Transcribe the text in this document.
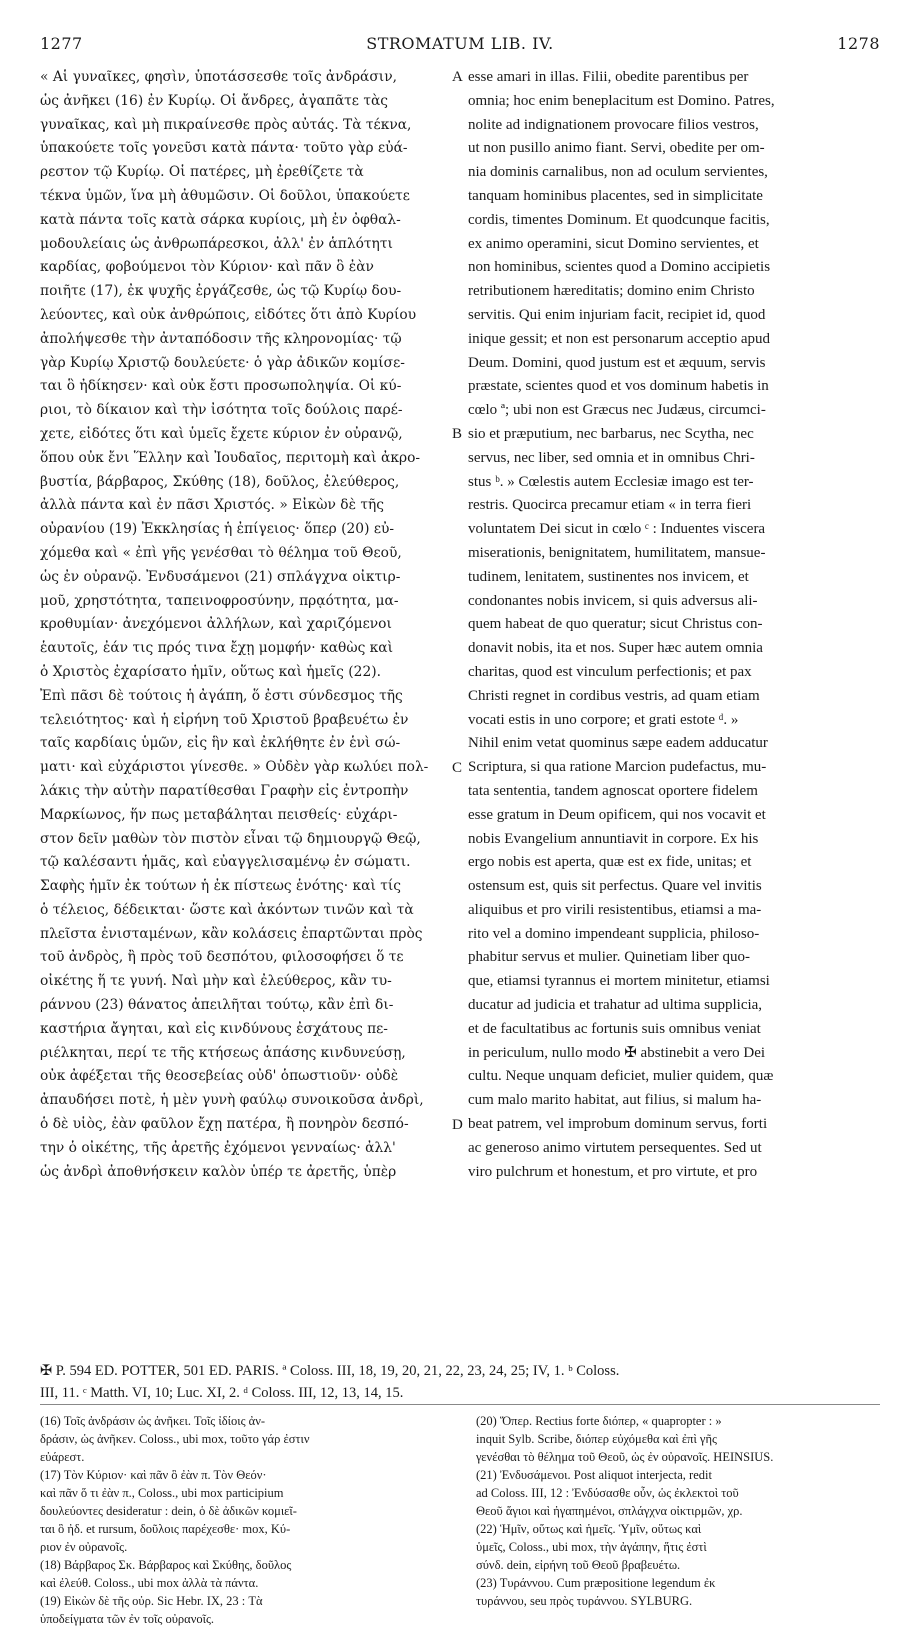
1277	STROMATUM LIB. IV.	1278
« Αἱ γυναῖκες, φησὶν, ὑποτάσσεσθε τοῖς ἀνδράσιν,
ὡς ἀνῆκει (16) ἐν Κυρίῳ. Οἱ ἄνδρες, ἀγαπᾶτε τὰς
γυναῖκας, καὶ μὴ πικραίνεσθε πρὸς αὐτάς. Τὰ τέκνα,
ὑπακούετε τοῖς γονεῦσι κατὰ πάντα· τοῦτο γὰρ εὐά-
ρεστον τῷ Κυρίῳ. Οἱ πατέρες, μὴ ἐρεθίζετε τὰ
τέκνα ὑμῶν, ἵνα μὴ ἀθυμῶσιν. Οἱ δοῦλοι, ὑπακούετε
κατὰ πάντα τοῖς κατὰ σάρκα κυρίοις, μὴ ἐν ὀφθαλ-
μοδουλείαις ὡς ἀνθρωπάρεσκοι, ἀλλ' ἐν ἁπλότητι
καρδίας, φοβούμενοι τὸν Κύριον· καὶ πᾶν ὃ ἐὰν
ποιῆτε (17), ἐκ ψυχῆς ἐργάζεσθε, ὡς τῷ Κυρίῳ δου-
λεύοντες, καὶ οὐκ ἀνθρώποις, εἰδότες ὅτι ἀπὸ Κυρίου
ἀπολήψεσθε τὴν ἀνταπόδοσιν τῆς κληρονομίας· τῷ
γὰρ Κυρίῳ Χριστῷ δουλεύετε· ὁ γὰρ ἀδικῶν κομίσε-
ται ὃ ἠδίκησεν· καὶ οὐκ ἔστι προσωποληψία. Οἱ κύ-
ριοι, τὸ δίκαιον καὶ τὴν ἰσότητα τοῖς δούλοις παρέ-
χετε, εἰδότες ὅτι καὶ ὑμεῖς ἔχετε κύριον ἐν οὐρανῷ,
ὅπου οὐκ ἔνι Ἕλλην καὶ Ἰουδαῖος, περιτομὴ καὶ ἀκρο-
βυστία, βάρβαρος, Σκύθης (18), δοῦλος, ἐλεύθερος,
ἀλλὰ πάντα καὶ ἐν πᾶσι Χριστός. » Εἰκὼν δὲ τῆς
οὐρανίου (19) Ἐκκλησίας ἡ ἐπίγειος· ὅπερ (20) εὐ-
χόμεθα καὶ « ἐπὶ γῆς γενέσθαι τὸ θέλημα τοῦ Θεοῦ,
ὡς ἐν οὐρανῷ. Ἐνδυσάμενοι (21) σπλάγχνα οἰκτιρ-
μοῦ, χρηστότητα, ταπεινοφροσύνην, πρᾳότητα, μα-
κροθυμίαν· ἀνεχόμενοι ἀλλήλων, καὶ χαριζόμενοι
ἑαυτοῖς, ἐάν τις πρός τινα ἔχῃ μομφήν· καθὼς καὶ
ὁ Χριστὸς ἐχαρίσατο ἡμῖν, οὕτως καὶ ἡμεῖς (22).
Ἐπὶ πᾶσι δὲ τούτοις ἡ ἀγάπη, ὅ ἐστι σύνδεσμος τῆς
τελειότητος· καὶ ἡ εἰρήνη τοῦ Χριστοῦ βραβευέτω ἐν
ταῖς καρδίαις ὑμῶν, εἰς ἣν καὶ ἐκλήθητε ἐν ἑνὶ σώ-
ματι· καὶ εὐχάριστοι γίνεσθε. » Οὐδὲν γὰρ κωλύει πολ-
λάκις τὴν αὐτὴν παρατίθεσθαι Γραφὴν εἰς ἐντροπὴν
Μαρκίωνος, ἥν πως μεταβάληται πεισθείς· εὐχάρι-
στον δεῖν μαθὼν τὸν πιστὸν εἶναι τῷ δημιουργῷ Θεῷ,
τῷ καλέσαντι ἡμᾶς, καὶ εὐαγγελισαμένῳ ἐν σώματι.
Σαφὴς ἡμῖν ἐκ τούτων ἡ ἐκ πίστεως ἑνότης· καὶ τίς
ὁ τέλειος, δέδεικται· ὥστε καὶ ἀκόντων τινῶν καὶ τὰ
πλεῖστα ἐνισταμένων, κἂν κολάσεις ἐπαρτῶνται πρὸς
τοῦ ἀνδρὸς, ἢ πρὸς τοῦ δεσπότου, φιλοσοφήσει ὅ τε
οἰκέτης ἥ τε γυνή. Ναὶ μὴν καὶ ἐλεύθερος, κἂν τυ-
ράννου (23) θάνατος ἀπειλῆται τούτῳ, κἂν ἐπὶ δι-
καστήρια ἄγηται, καὶ εἰς κινδύνους ἐσχάτους πε-
ριέλκηται, περί τε τῆς κτήσεως ἁπάσης κινδυνεύσῃ,
οὐκ ἀφέξεται τῆς θεοσεβείας οὐδ' ὁπωστιοῦν· οὐδὲ
ἀπαυδήσει ποτὲ, ἡ μὲν γυνὴ φαύλῳ συνοικοῦσα ἀνδρὶ,
ὁ δὲ υἱὸς, ἐὰν φαῦλον ἔχῃ πατέρα, ἢ πονηρὸν δεσπό-
την ὁ οἰκέτης, τῆς ἀρετῆς ἐχόμενοι γενναίως· ἀλλ'
ὡς ἀνδρὶ ἀποθνήσκειν καλὸν ὑπέρ τε ἀρετῆς, ὑπὲρ
esse amari in illas. Filii, obedite parentibus per
omnia; hoc enim beneplacitum est Domino. Patres,
nolite ad indignationem provocare filios vestros,
ut non pusillo animo fiant. Servi, obedite per om-
nia dominis carnalibus, non ad oculum servientes,
tanquam hominibus placentes, sed in simplicitate
cordis, timentes Dominum. Et quodcunque facitis,
ex animo operamini, sicut Domino servientes, et
non hominibus, scientes quod a Domino accipietis
retributionem hæreditatis; domino enim Christo
servitis. Qui enim injuriam facit, recipiet id, quod
inique gessit; et non est personarum acceptio apud
Deum. Domini, quod justum est et æquum, servis
præstate, scientes quod et vos dominum habetis in
cœlo ª; ubi non est Græcus nec Judæus, circumci-
sio et præputium, nec barbarus, nec Scytha, nec
servus, nec liber, sed omnia et in omnibus Chri-
stus ᵇ. » Cœlestis autem Ecclesiæ imago est ter-
restris. Quocirca precamur etiam « in terra fieri
voluntatem Dei sicut in cœlo ᶜ : Induentes viscera
miserationis, benignitatem, humilitatem, mansue-
tudinem, lenitatem, sustinentes nos invicem, et
condonantes nobis invicem, si quis adversus ali-
quem habeat de quo queratur; sicut Christus con-
donavit nobis, ita et nos. Super hæc autem omnia
charitas, quod est vinculum perfectionis; et pax
Christi regnet in cordibus vestris, ad quam etiam
vocati estis in uno corpore; et grati estote ᵈ. »
Nihil enim vetat quominus sæpe eadem adducatur
Scriptura, si qua ratione Marcion pudefactus, mu-
tata sententia, tandem agnoscat oportere fidelem
esse gratum in Deum opificem, qui nos vocavit et
nobis Evangelium annuntiavit in corpore. Ex his
ergo nobis est aperta, quæ est ex fide, unitas; et
ostensum est, quis sit perfectus. Quare vel invitis
aliquibus et pro virili resistentibus, etiamsi a ma-
rito vel a domino impendeant supplicia, philoso-
phabitur servus et mulier. Quinetiam liber quo-
que, etiamsi tyrannus ei mortem minitetur, etiamsi
ducatur ad judicia et trahatur ad ultima supplicia,
et de facultatibus ac fortunis suis omnibus veniat
in periculum, nullo modo ✠ abstinebit a vero Dei
cultu. Neque unquam deficiet, mulier quidem, quæ
cum malo marito habitat, aut filius, si malum ha-
beat patrem, vel improbum dominum servus, forti
ac generoso animo virtutem persequentes. Sed ut
viro pulchrum et honestum, et pro virtute, et pro
A
B
C
D
✠ P. 594 ED. POTTER, 501 ED. PARIS. ª Coloss. III, 18, 19, 20, 21, 22, 23, 24, 25; IV, 1. ᵇ Coloss.
III, 11. ᶜ Matth. VI, 10; Luc. XI, 2. ᵈ Coloss. III, 12, 13, 14, 15.
(16) Τοῖς ἀνδράσιν ὡς ἀνῆκει. Τοῖς ἰδίοις ἀν-
δράσιν, ὡς ἀνῆκεν. Coloss., ubi mox, τοῦτο γάρ ἐστιν
εὐάρεστ.
(17) Τὸν Κύριον· καὶ πᾶν ὃ ἐὰν π. Τὸν Θεόν·
καὶ πᾶν ὅ τι ἐὰν π., Coloss., ubi mox participium
δουλεύοντες desideratur : dein, ὁ δὲ ἀδικῶν κομιεῖ-
ται ὃ ἠδ. et rursum, δοῦλοις παρέχεσθε· mox, Κύ-
ριον ἐν οὐρανοῖς.
(18) Βάρβαρος Σκ. Βάρβαρος καὶ Σκύθης, δοῦλος
καὶ ἐλεύθ. Coloss., ubi mox ἀλλὰ τὰ πάντα.
(19) Εἰκὼν δὲ τῆς οὐρ. Sic Hebr. IX, 23 : Τὰ
ὑποδείγματα τῶν ἐν τοῖς οὐρανοῖς.
(20) Ὅπερ. Rectius forte διόπερ, « quapropter : »
inquit Sylb. Scribe, διόπερ εὐχόμεθα καὶ ἐπὶ γῆς
γενέσθαι τὸ θέλημα τοῦ Θεοῦ, ὡς ἐν οὐρανοῖς. HEINSIUS.
(21) Ἐνδυσάμενοι. Post aliquot interjecta, redit
ad Coloss. III, 12 : Ἐνδύσασθε οὖν, ὡς ἐκλεκτοὶ τοῦ
Θεοῦ ἅγιοι καὶ ἠγαπημένοι, σπλάγχνα οἰκτιρμῶν, χρ.
(22) Ἡμῖν, οὕτως καὶ ἡμεῖς. Ὑμῖν, οὕτως καὶ
ὑμεῖς, Coloss., ubi mox, τὴν ἀγάπην, ἥτις ἐστὶ
σύνδ. dein, εἰρήνη τοῦ Θεοῦ βραβευέτω.
(23) Τυράννου. Cum præpositione legendum ἐκ
τυράννου, seu πρὸς τυράννου. SYLBURG.
